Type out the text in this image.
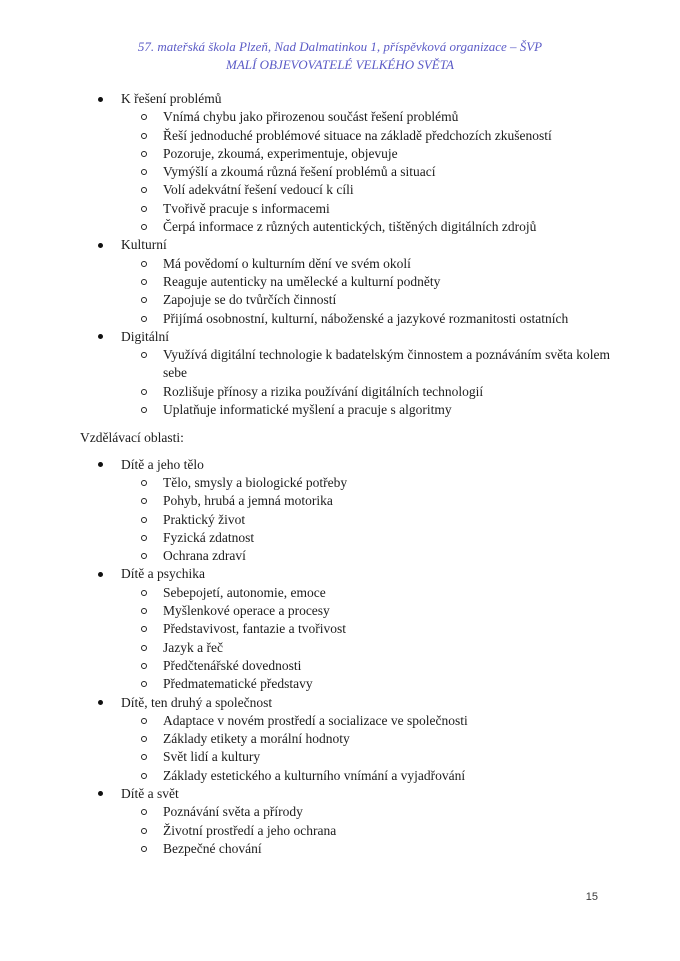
57. mateřská škola Plzeň, Nad Dalmatinkou 1, příspěvková organizace – ŠVP
MALÍ OBJEVOVATELÉ VELKÉHO SVĚTA
K řešení problémů
Vnímá chybu jako přirozenou součást řešení problémů
Řeší jednoduché problémové situace na základě předchozích zkušeností
Pozoruje, zkoumá, experimentuje, objevuje
Vymýšlí a zkoumá různá řešení problémů a situací
Volí adekvátní řešení vedoucí k cíli
Tvořivě pracuje s informacemi
Čerpá informace z různých autentických, tištěných digitálních zdrojů
Kulturní
Má povědomí o kulturním dění ve svém okolí
Reaguje autenticky na umělecké a kulturní podněty
Zapojuje se do tvůrčích činností
Přijímá osobnostní, kulturní, náboženské a jazykové rozmanitosti ostatních
Digitální
Využívá digitální technologie k badatelským činnostem a poznáváním světa kolem sebe
Rozlišuje přínosy a rizika používání digitálních technologií
Uplatňuje informatické myšlení a pracuje s algoritmy

Vzdělávací oblasti:

Dítě a jeho tělo
Tělo, smysly a biologické potřeby
Pohyb, hrubá a jemná motorika
Praktický život
Fyzická zdatnost
Ochrana zdraví
Dítě a psychika
Sebepojetí, autonomie, emoce
Myšlenkové operace a procesy
Představivost, fantazie a tvořivost
Jazyk a řeč
Předčtenářské dovednosti
Předmatematické představy
Dítě, ten druhý a společnost
Adaptace v novém prostředí a socializace ve společnosti
Základy etikety a morální hodnoty
Svět lidí a kultury
Základy estetického a kulturního vnímání a vyjadřování
Dítě a svět
Poznávání světa a přírody
Životní prostředí a jeho ochrana
Bezpečné chování
15
